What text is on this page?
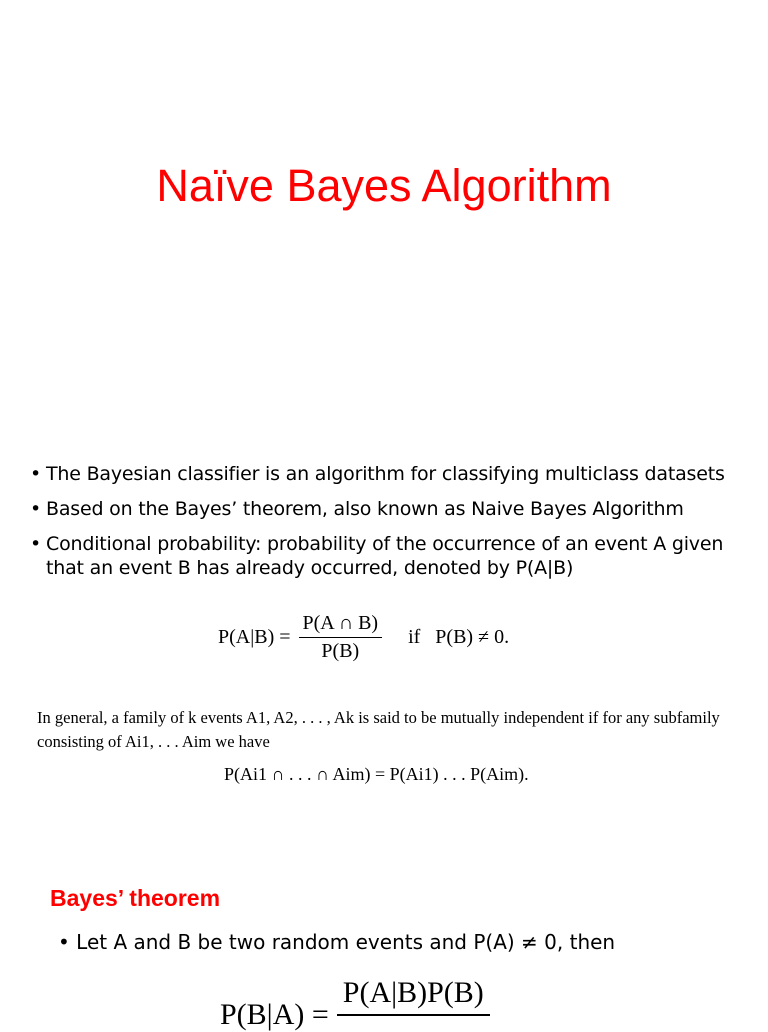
Naïve Bayes Algorithm
• The Bayesian classifier is an algorithm for classifying multiclass datasets
• Based on the Bayes’ theorem, also known as Naive Bayes Algorithm
• Conditional probability: probability of the occurrence of an event A given that an event B has already occurred, denoted by P(A|B)
$P(A|B) = \frac{P(A \cap B)}{P(B)}$ if   P(B) ≠ 0.
In general, a family of k events A1, A2, . . . , Ak is said to be mutually independent if for any subfamily consisting of Ai1, . . . Aim we have
P(Ai1 ∩ . . . ∩ Aim) = P(Ai1) . . . P(Aim).
Bayes’ theorem
• Let A and B be two random events and P(A) ≠ 0, then
P(B|A) =
P(A|B)P(B)
